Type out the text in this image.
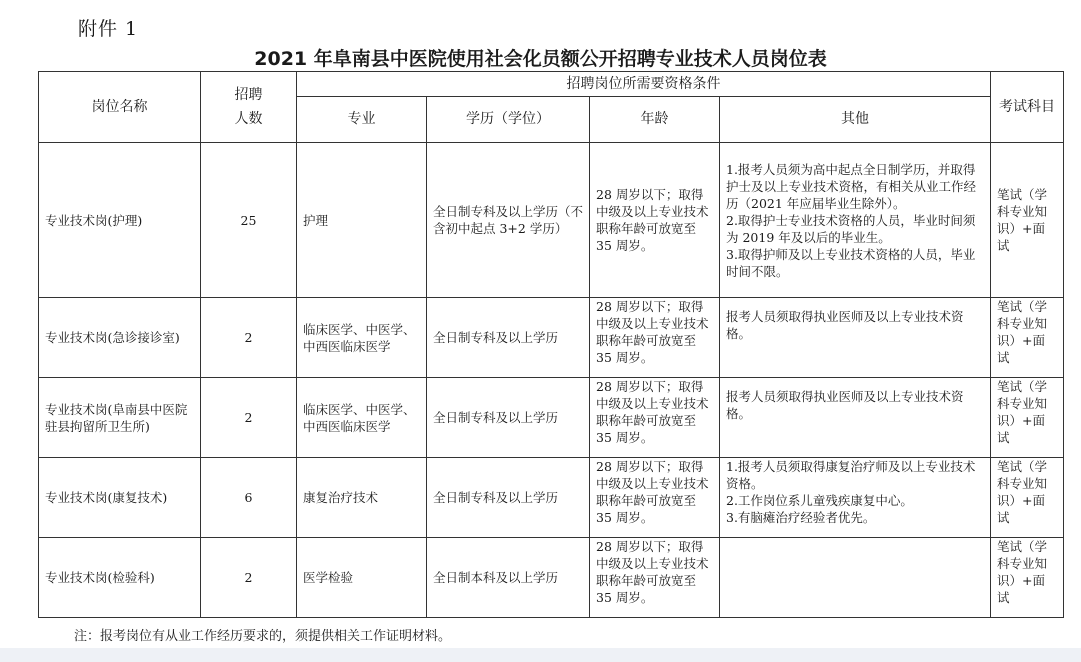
附件 1
2021 年阜南县中医院使用社会化员额公开招聘专业技术人员岗位表
岗位名称	招聘人数	招聘岗位所需要资格条件				考试科目
		专业	学历（学位）	年龄	其他	
专业技术岗(护理)	25	护理	全日制专科及以上学历（不含初中起点 3+2 学历）	28 周岁以下；取得中级及以上专业技术职称年龄可放宽至 35 周岁。	1.报考人员须为高中起点全日制学历，并取得护士及以上专业技术资格，有相关从业工作经历（2021 年应届毕业生除外）。
2.取得护士专业技术资格的人员，毕业时间须为 2019 年及以后的毕业生。
3.取得护师及以上专业技术资格的人员，毕业时间不限。	笔试（学科专业知识）+面试
专业技术岗(急诊接诊室)	2	临床医学、中医学、中西医临床医学	全日制专科及以上学历	28 周岁以下；取得中级及以上专业技术职称年龄可放宽至 35 周岁。	报考人员须取得执业医师及以上专业技术资格。	笔试（学科专业知识）+面试
专业技术岗(阜南县中医院驻县拘留所卫生所)	2	临床医学、中医学、中西医临床医学	全日制专科及以上学历	28 周岁以下；取得中级及以上专业技术职称年龄可放宽至 35 周岁。	报考人员须取得执业医师及以上专业技术资格。	笔试（学科专业知识）+面试
专业技术岗(康复技术)	6	康复治疗技术	全日制专科及以上学历	28 周岁以下；取得中级及以上专业技术职称年龄可放宽至 35 周岁。	1.报考人员须取得康复治疗师及以上专业技术资格。
2.工作岗位系儿童残疾康复中心。
3.有脑瘫治疗经验者优先。	笔试（学科专业知识）+面试
专业技术岗(检验科)	2	医学检验	全日制本科及以上学历	28 周岁以下；取得中级及以上专业技术职称年龄可放宽至 35 周岁。		笔试（学科专业知识）+面试
注：报考岗位有从业工作经历要求的，须提供相关工作证明材料。
